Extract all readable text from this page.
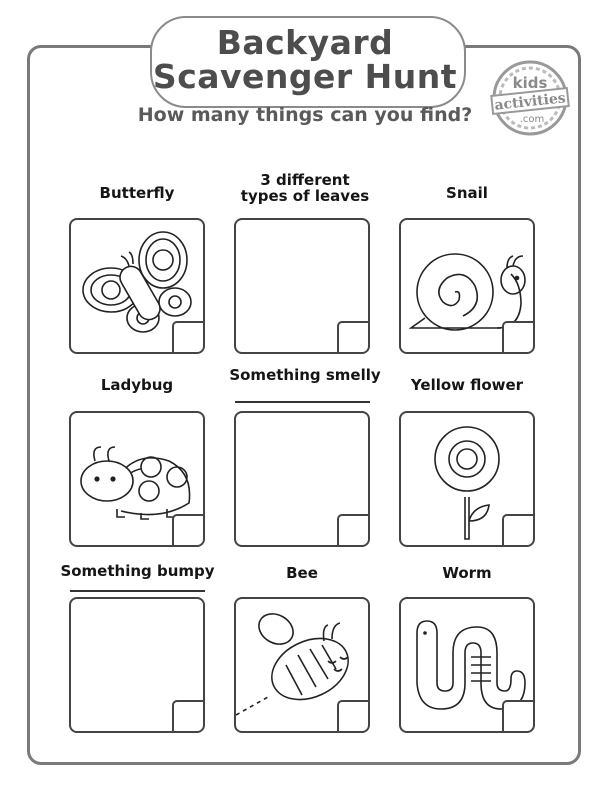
Backyard
Scavenger Hunt
How many things can you find?
kids
activities
.com
Butterfly
3 different
types of leaves	Snail
Ladybug
Something smelly
Yellow flower
Something bumpy	Bee	Worm
